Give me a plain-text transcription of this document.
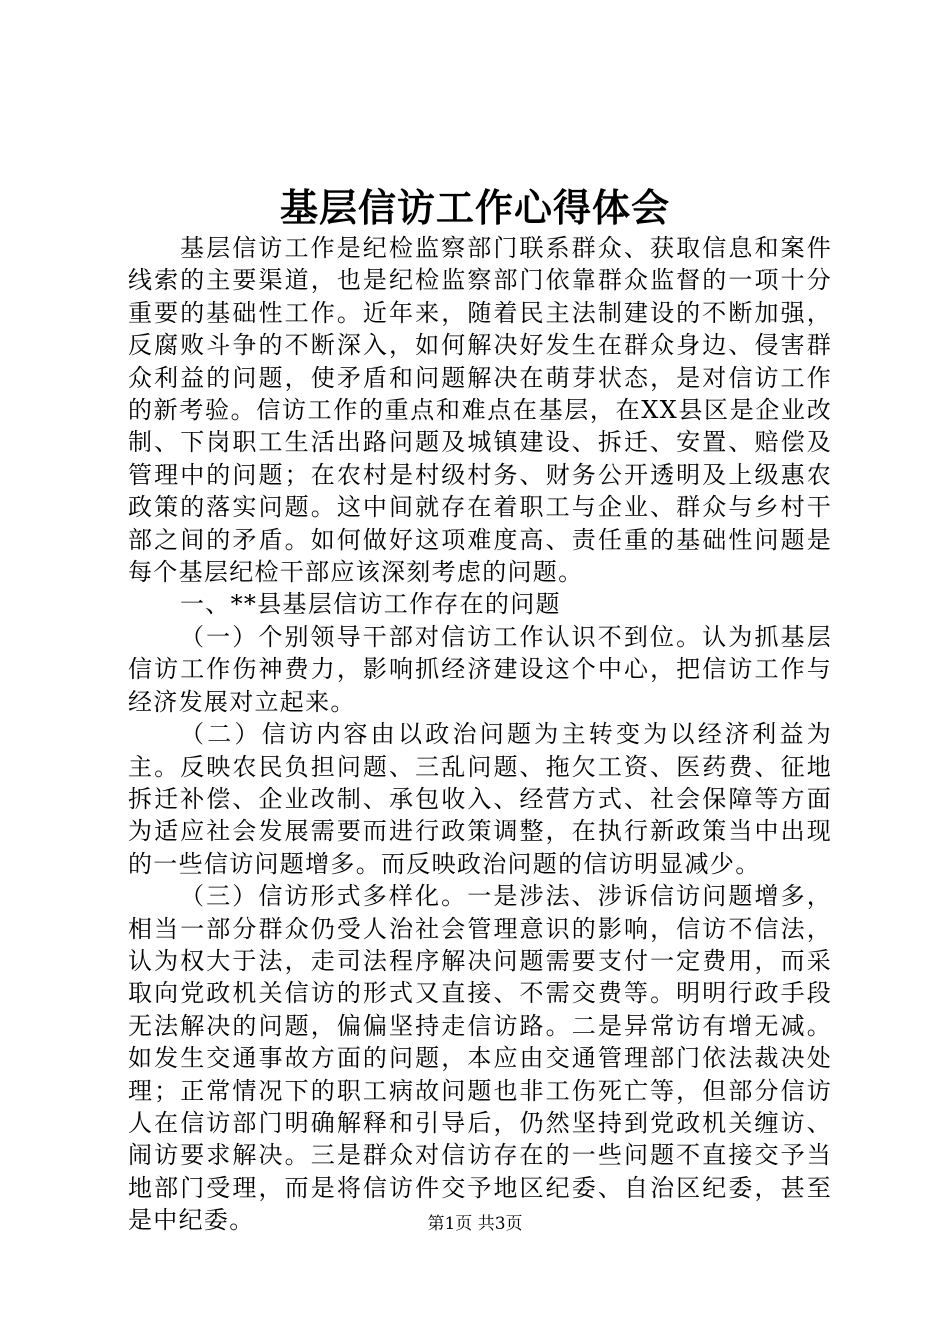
基层信访工作心得体会

基层信访工作是纪检监察部门联系群众、获取信息和案件线索的主要渠道，也是纪检监察部门依靠群众监督的一项十分重要的基础性工作。近年来，随着民主法制建设的不断加强，反腐败斗争的不断深入，如何解决好发生在群众身边、侵害群众利益的问题，使矛盾和问题解决在萌芽状态，是对信访工作的新考验。信访工作的重点和难点在基层，在XX县区是企业改制、下岗职工生活出路问题及城镇建设、拆迁、安置、赔偿及管理中的问题；在农村是村级村务、财务公开透明及上级惠农政策的落实问题。这中间就存在着职工与企业、群众与乡村干部之间的矛盾。如何做好这项难度高、责任重的基础性问题是每个基层纪检干部应该深刻考虑的问题。

一、**县基层信访工作存在的问题

（一）个别领导干部对信访工作认识不到位。认为抓基层信访工作伤神费力，影响抓经济建设这个中心，把信访工作与经济发展对立起来。

（二）信访内容由以政治问题为主转变为以经济利益为主。反映农民负担问题、三乱问题、拖欠工资、医药费、征地拆迁补偿、企业改制、承包收入、经营方式、社会保障等方面为适应社会发展需要而进行政策调整，在执行新政策当中出现的一些信访问题增多。而反映政治问题的信访明显减少。

（三）信访形式多样化。一是涉法、涉诉信访问题增多，相当一部分群众仍受人治社会管理意识的影响，信访不信法，认为权大于法，走司法程序解决问题需要支付一定费用，而采取向党政机关信访的形式又直接、不需交费等。明明行政手段无法解决的问题，偏偏坚持走信访路。二是异常访有增无减。如发生交通事故方面的问题，本应由交通管理部门依法裁决处理；正常情况下的职工病故问题也非工伤死亡等，但部分信访人在信访部门明确解释和引导后，仍然坚持到党政机关缠访、闹访要求解决。三是群众对信访存在的一些问题不直接交予当地部门受理，而是将信访件交予地区纪委、自治区纪委，甚至是中纪委。	第1页 共3页
